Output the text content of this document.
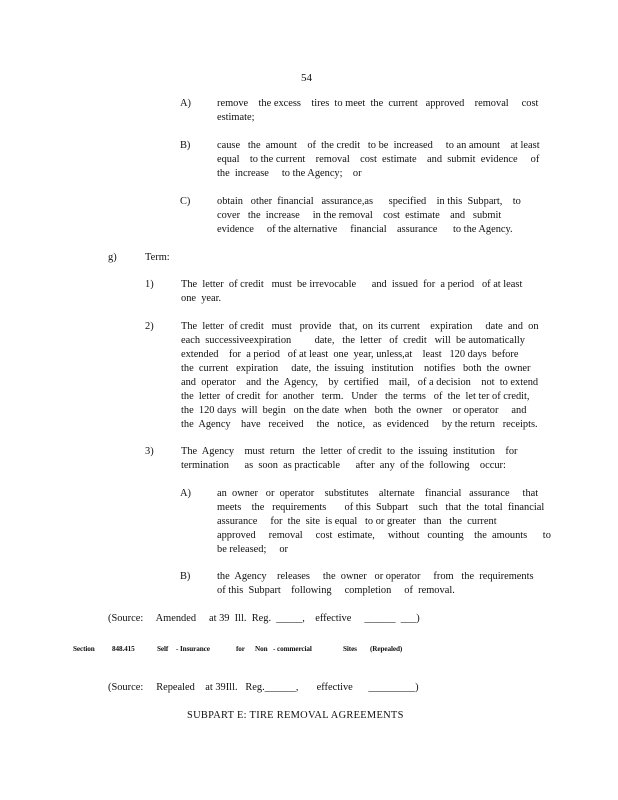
54
A)	remove    the excess    tires  to meet  the  current   approved    removal     cost
estimate;
B)	cause   the  amount    of  the credit   to be  increased     to an amount    at least
equal    to the current    removal    cost  estimate    and  submit  evidence     of
the  increase     to the Agency;    or
C)	obtain   other  financial   assurance,as      specified    in this  Subpart,    to
cover   the  increase     in the removal    cost  estimate    and   submit
evidence     of the alternative     financial    assurance      to the Agency.
g)	Term:
1)	The  letter  of credit   must  be irrevocable      and  issued  for  a period   of at least
one  year.
2)	The  letter  of credit   must   provide   that,  on  its current    expiration     date  and  on
each  successiveexpiration         date,   the  letter   of  credit   will  be automatically
extended    for  a period   of at least  one  year, unless,at    least   120 days  before
the  current   expiration     date,  the  issuing   institution    notifies   both  the  owner
and  operator    and  the  Agency,    by  certified    mail,   of a decision    not  to extend
the  letter  of credit  for  another   term.   Under   the  terms   of  the  let ter of credit,
the  120 days  will  begin   on the date  when   both  the  owner    or operator     and
the  Agency    have   received     the   notice,   as  evidenced     by the return   receipts.
3)	The  Agency    must  return   the  letter  of credit  to  the  issuing  institution    for
termination      as  soon  as practicable      after  any  of the  following    occur:
A)	an  owner   or  operator    substitutes    alternate    financial   assurance     that
meets    the   requirements       of this  Subpart    such   that  the  total  financial
assurance     for  the  site  is equal   to or greater   than   the  current
approved     removal     cost  estimate,     without   counting    the  amounts      to
be released;     or
B)	the  Agency    releases     the  owner   or operator     from   the  requirements
of this  Subpart    following     completion     of  removal.
(Source:     Amended     at 39  Ill.  Reg.  _____,    effective     ______  ___)
Section 848.415	Self - Insurance	for Non - commercial	Sites (Repealed)
(Source:     Repealed    at 39Ill.   Reg.______,       effective      _________)
SUBPART E: TIRE REMOVAL AGREEMENTS
